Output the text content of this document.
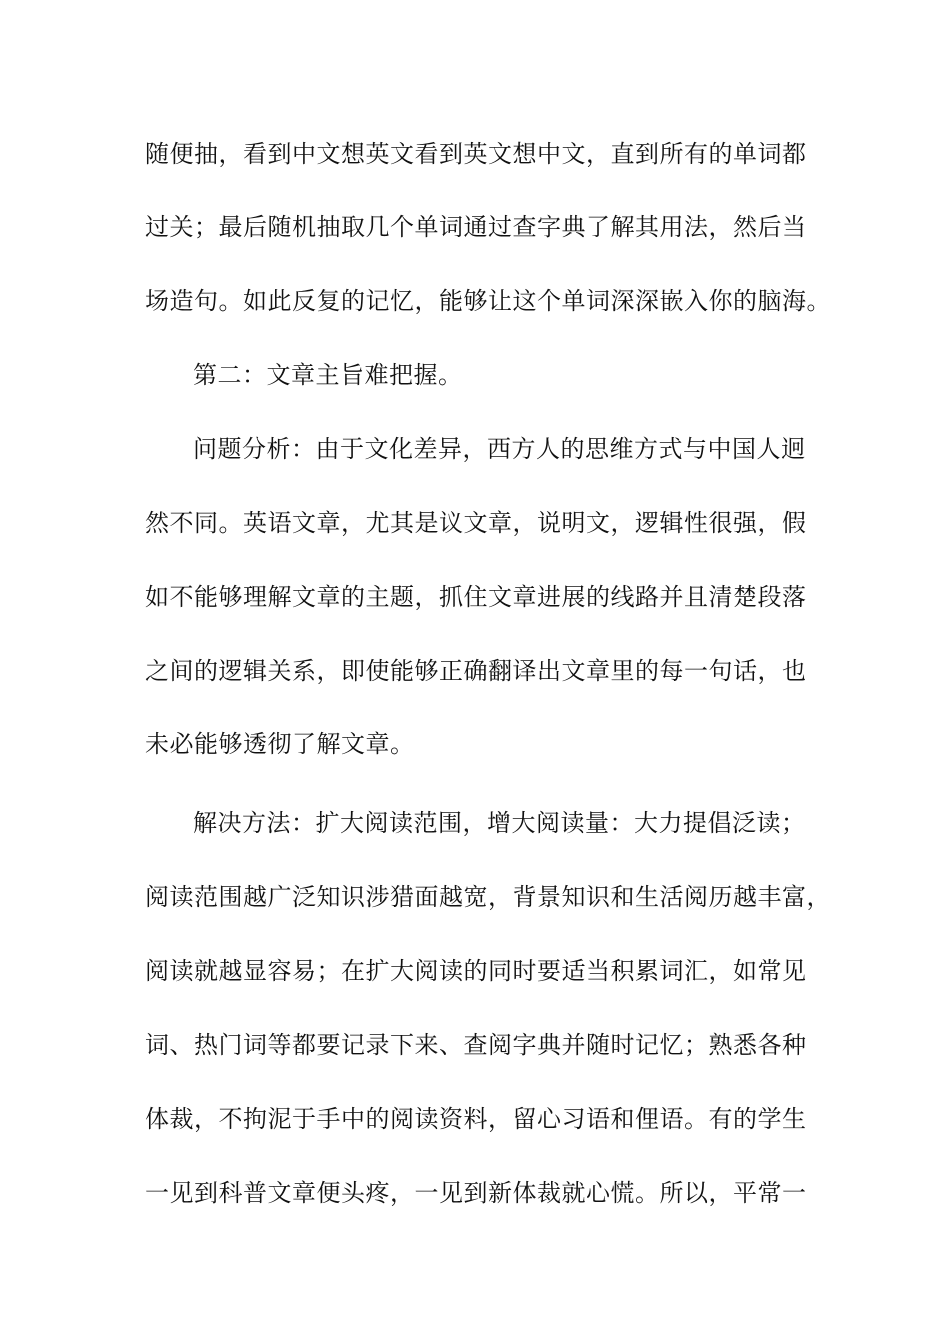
随便抽，看到中文想英文看到英文想中文，直到所有的单词都
过关；最后随机抽取几个单词通过查字典了解其用法，然后当
场造句。如此反复的记忆，能够让这个单词深深嵌入你的脑海。
第二：文章主旨难把握。
问题分析：由于文化差异，西方人的思维方式与中国人迥
然不同。英语文章，尤其是议文章，说明文，逻辑性很强，假
如不能够理解文章的主题，抓住文章进展的线路并且清楚段落
之间的逻辑关系，即使能够正确翻译出文章里的每一句话，也
未必能够透彻了解文章。
解决方法：扩大阅读范围，增大阅读量：大力提倡泛读；
阅读范围越广泛知识涉猎面越宽，背景知识和生活阅历越丰富，
阅读就越显容易；在扩大阅读的同时要适当积累词汇，如常见
词、热门词等都要记录下来、查阅字典并随时记忆；熟悉各种
体裁，不拘泥于手中的阅读资料，留心习语和俚语。有的学生
一见到科普文章便头疼，一见到新体裁就心慌。所以，平常一
